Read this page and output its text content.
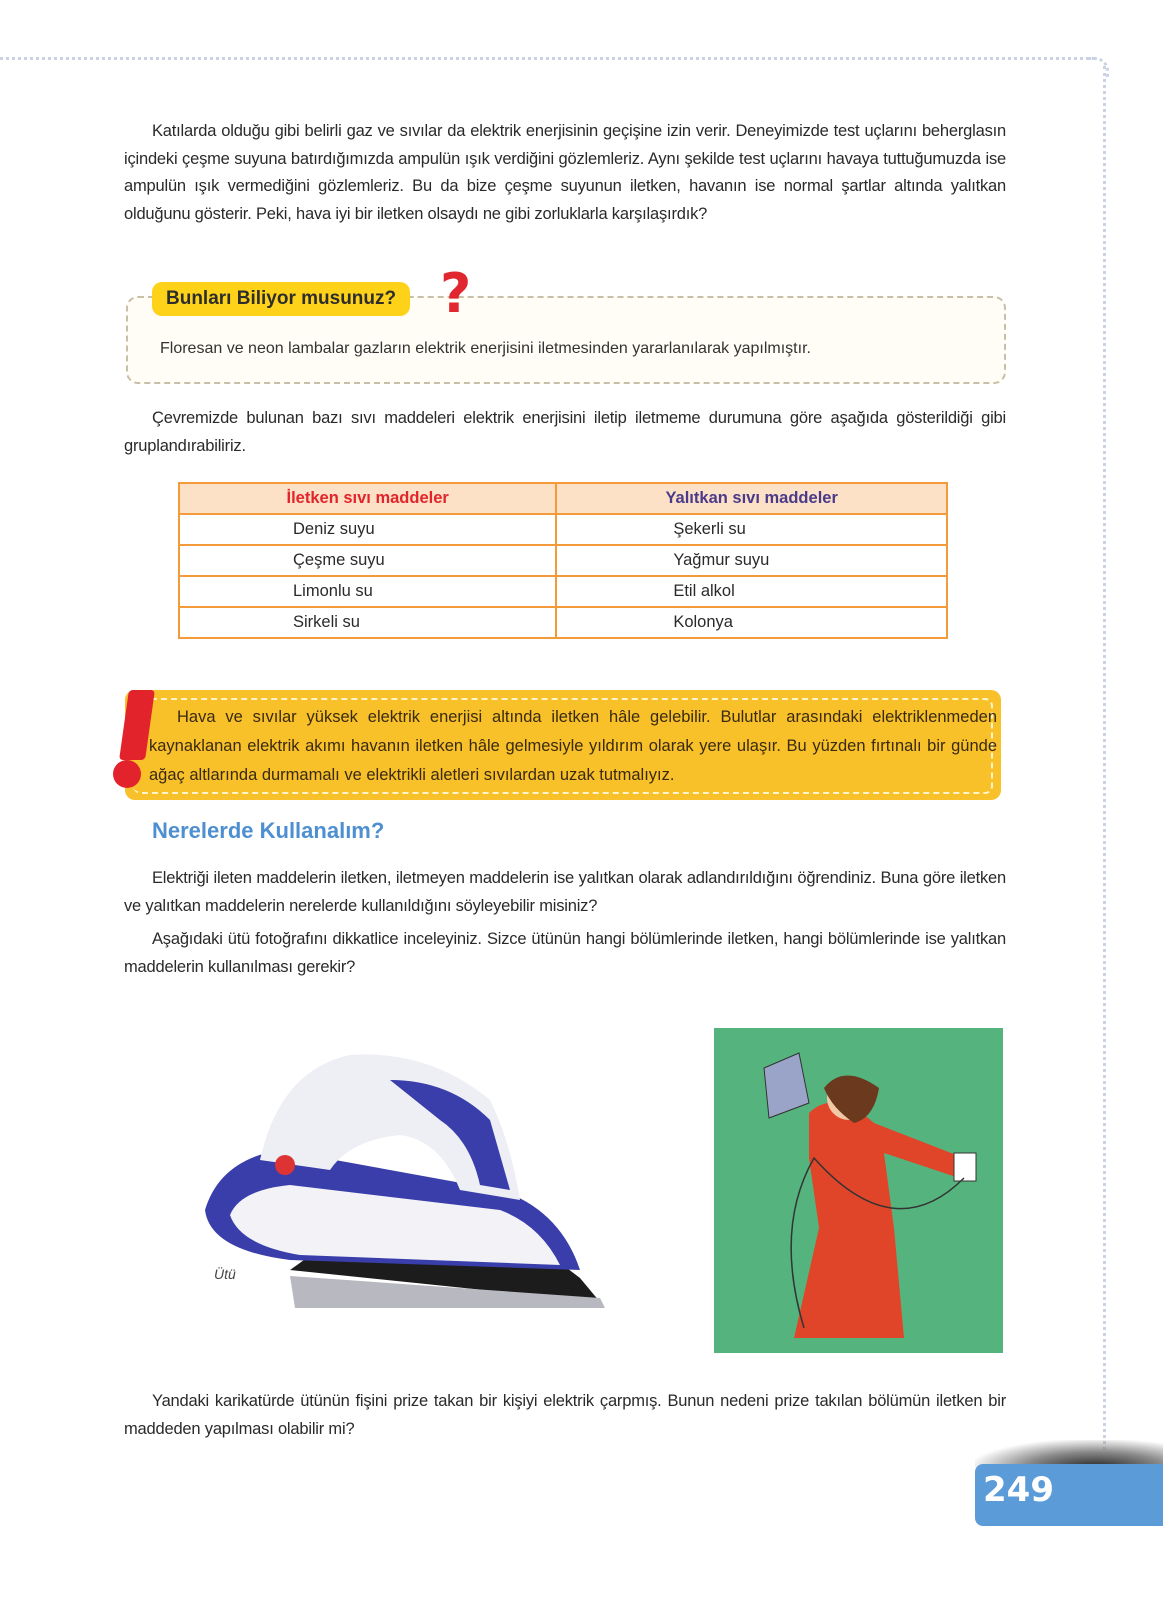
Katılarda olduğu gibi belirli gaz ve sıvılar da elektrik enerjisinin geçişine izin verir. Deneyimizde test uçlarını beherglasın içindeki çeşme suyuna batırdığımızda ampulün ışık verdiğini gözlemleriz. Aynı şekilde test uçlarını havaya tuttuğumuzda ise ampulün ışık vermediğini gözlemleriz. Bu da bize çeşme suyunun iletken, havanın ise normal şartlar altında yalıtkan olduğunu gösterir. Peki, hava iyi bir iletken olsaydı ne gibi zorluklarla karşılaşırdık?

Bunları Biliyor musunuz? ?
Floresan ve neon lambalar gazların elektrik enerjisini iletmesinden yararlanılarak yapılmıştır.

Çevremizde bulunan bazı sıvı maddeleri elektrik enerjisini iletip iletmeme durumuna göre aşağıda gösterildiği gibi gruplandırabiliriz.

İletken sıvı maddeler	Yalıtkan sıvı maddeler
Deniz suyu	Şekerli su
Çeşme suyu	Yağmur suyu
Limonlu su	Etil alkol
Sirkeli su	Kolonya
Hava ve sıvılar yüksek elektrik enerjisi altında iletken hâle gelebilir. Bulutlar arasındaki elektriklenmeden kaynaklanan elektrik akımı havanın iletken hâle gelmesiyle yıldırım olarak yere ulaşır. Bu yüzden fırtınalı bir günde ağaç altlarında durmamalı ve elektrikli aletleri sıvılardan uzak tutmalıyız.
Nerelerde Kullanalım?

Elektriği ileten maddelerin iletken, iletmeyen maddelerin ise yalıtkan olarak adlandırıldığını öğrendiniz. Buna göre iletken ve yalıtkan maddelerin nerelerde kullanıldığını söyleyebilir misiniz?

Aşağıdaki ütü fotoğrafını dikkatlice inceleyiniz. Sizce ütünün hangi bölümlerinde iletken, hangi bölümlerinde ise yalıtkan maddelerin kullanılması gerekir?

Ütü

Yandaki karikatürde ütünün fişini prize takan bir kişiyi elektrik çarpmış. Bunun nedeni prize takılan bölümün iletken bir maddeden yapılması olabilir mi?

249
